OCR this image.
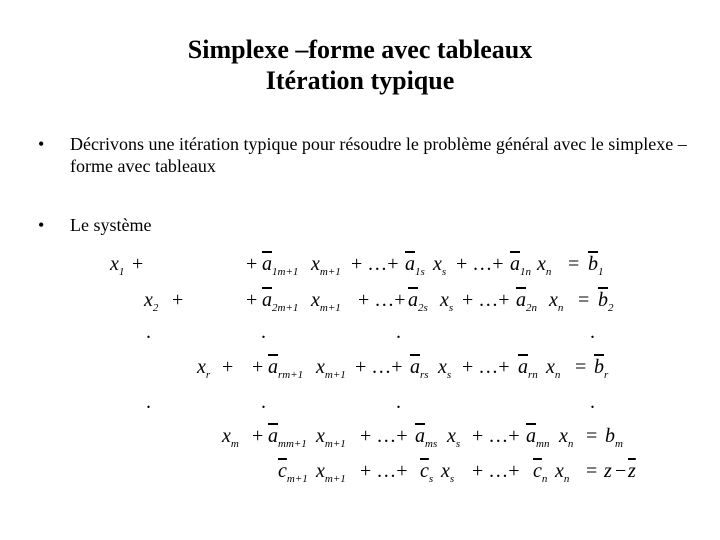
Simplexe –forme avec tableaux
Itération typique
• Décrivons une itération typique pour résoudre le problème général avec le simplexe – forme avec tableaux
• Le système
$x_1$ +	+ $\overline{a}_{1m+1}$ $x_{m+1}$ + …+ $\overline{a}_{1s}$ $x_s$ + …+ $\overline{a}_{1n}$ $x_n = \overline{b}_1$
$x_2$ +	+ $\overline{a}_{2m+1}$ $x_{m+1}$ + …+ $\overline{a}_{2s}$ $x_s$ + …+ $\overline{a}_{2n}$ $x_n = \overline{b}_2$
.	.	.	.
$x_r$ + + $\overline{a}_{rm+1}$ $x_{m+1}$ + …+ $\overline{a}_{rs}$ $x_s$ + …+ $\overline{a}_{rn}$ $x_n = \overline{b}_r$
.	.	.	.
$x_m + \overline{a}_{mm+1}$ $x_{m+1}$ + …+ $\overline{a}_{ms}$ $x_s$ + …+ $\overline{a}_{mn}$ $x_n = b_m$
$\overline{c}_{m+1}$ $x_{m+1}$ + …+ $\overline{c}_s$ $x_s$ + …+ $\overline{c}_n$ $x_n = z - \overline{z}$
